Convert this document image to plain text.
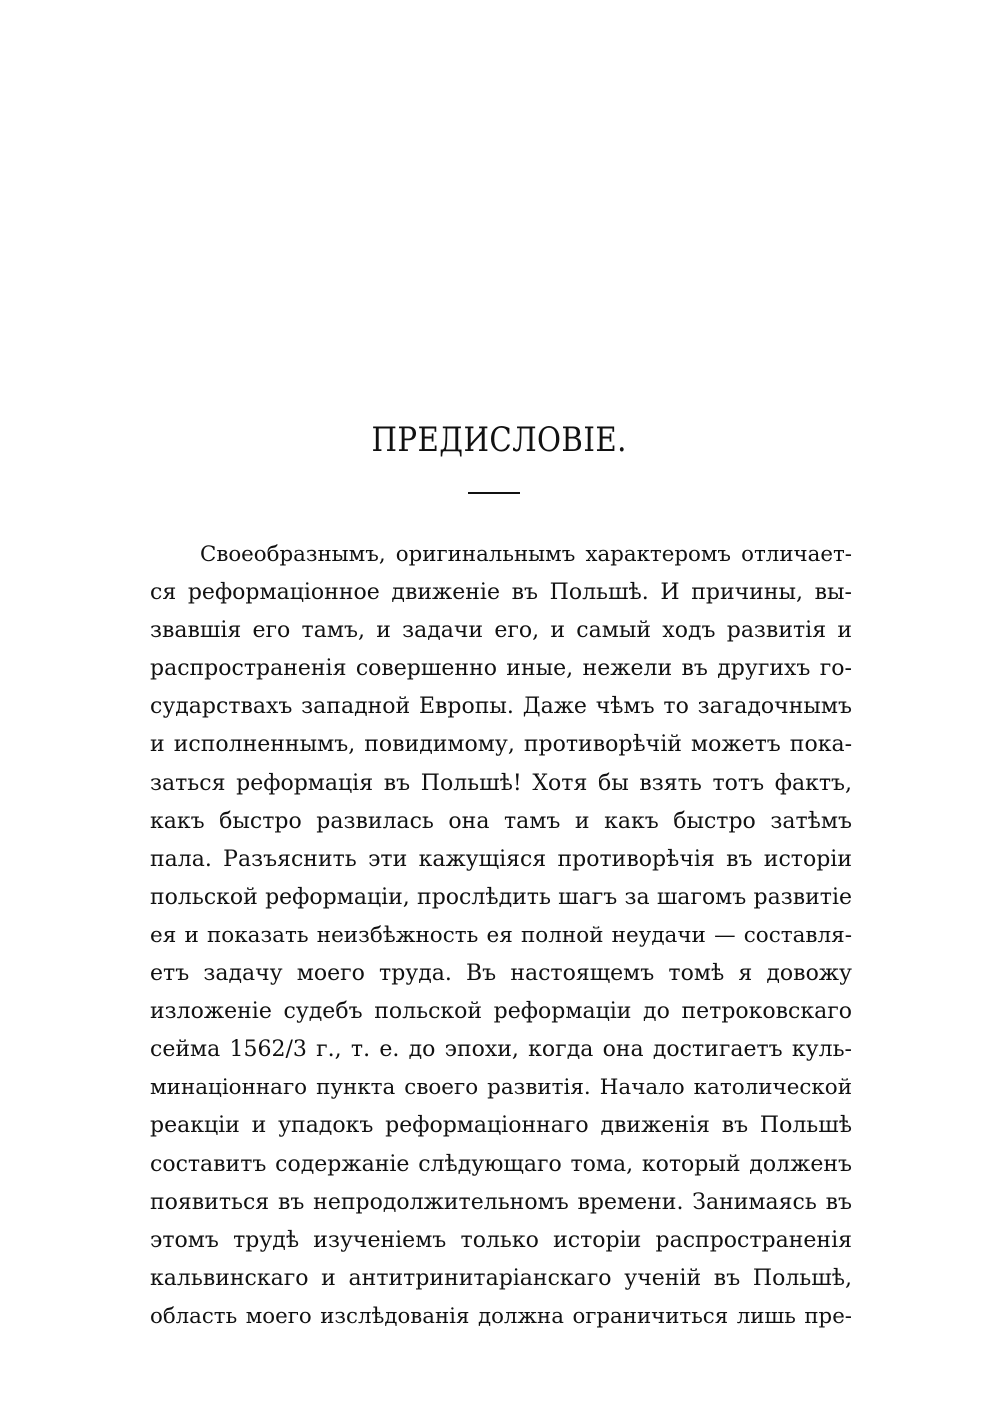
ПРЕДИСЛОВІЕ.
Своеобразнымъ, оригинальнымъ характеромъ отличает-
ся реформаціонное движеніе въ Польшѣ. И причины, вы-
звавшія его тамъ, и задачи его, и самый ходъ развитія и
распространенія совершенно иные, нежели въ другихъ го-
сударствахъ западной Европы. Даже чѣмъ то загадочнымъ
и исполненнымъ, повидимому, противорѣчій можетъ пока-
заться реформація въ Польшѣ! Хотя бы взять тотъ фактъ,
какъ быстро развилась она тамъ и какъ быстро затѣмъ
пала. Разъяснить эти кажущіяся противорѣчія въ исторіи
польской реформаціи, прослѣдить шагъ за шагомъ развитіе
ея и показать неизбѣжность ея полной неудачи — составля-
етъ задачу моего труда. Въ настоящемъ томѣ я довожу
изложеніе судебъ польской реформаціи до петроковскаго
сейма 1562/3 г., т. е. до эпохи, когда она достигаетъ куль-
минаціоннаго пункта своего развитія. Начало католической
реакціи и упадокъ реформаціоннаго движенія въ Польшѣ
составитъ содержаніе слѣдующаго тома, который долженъ
появиться въ непродолжительномъ времени. Занимаясь въ
этомъ трудѣ изученіемъ только исторіи распространенія
кальвинскаго и антитринитаріанскаго ученій въ Польшѣ,
область моего изслѣдованія должна ограничиться лишь пре-
